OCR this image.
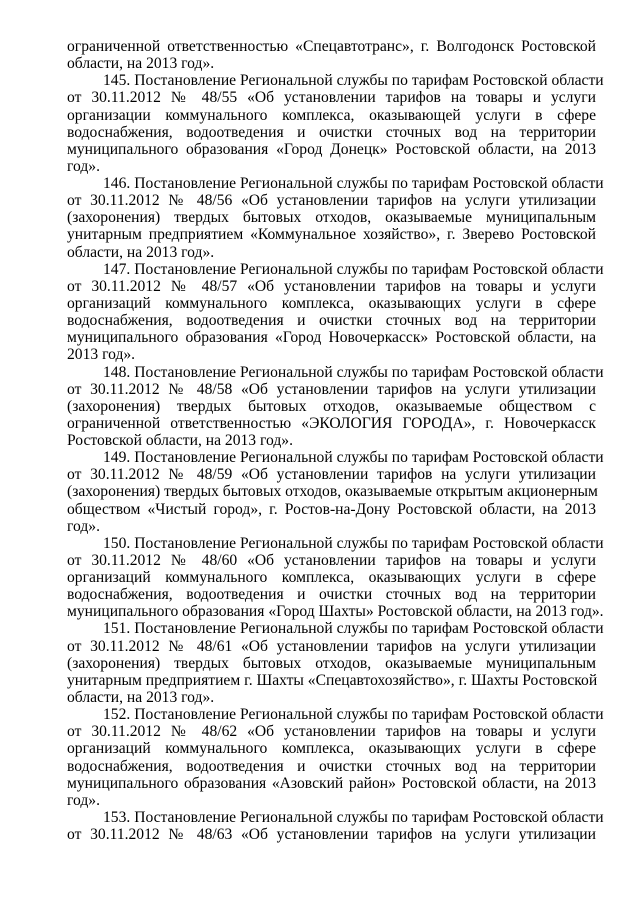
ограниченной ответственностью «Спецавтотранс», г. Волгодонск Ростовской
области, на 2013 год».
145. Постановление Региональной службы по тарифам Ростовской области
от 30.11.2012 № 48/55 «Об установлении тарифов на товары и услуги
организации коммунального комплекса, оказывающей услуги в сфере
водоснабжения, водоотведения и очистки сточных вод на территории
муниципального образования «Город Донецк» Ростовской области, на 2013
год».
146. Постановление Региональной службы по тарифам Ростовской области
от 30.11.2012 № 48/56 «Об установлении тарифов на услуги утилизации
(захоронения) твердых бытовых отходов, оказываемые муниципальным
унитарным предприятием «Коммунальное хозяйство», г. Зверево Ростовской
области, на 2013 год».
147. Постановление Региональной службы по тарифам Ростовской области
от 30.11.2012 № 48/57 «Об установлении тарифов на товары и услуги
организаций коммунального комплекса, оказывающих услуги в сфере
водоснабжения, водоотведения и очистки сточных вод на территории
муниципального образования «Город Новочеркасск» Ростовской области, на
2013 год».
148. Постановление Региональной службы по тарифам Ростовской области
от 30.11.2012 № 48/58 «Об установлении тарифов на услуги утилизации
(захоронения) твердых бытовых отходов, оказываемые обществом с
ограниченной ответственностью «ЭКОЛОГИЯ ГОРОДА», г. Новочеркасск
Ростовской области, на 2013 год».
149. Постановление Региональной службы по тарифам Ростовской области
от 30.11.2012 № 48/59 «Об установлении тарифов на услуги утилизации
(захоронения) твердых бытовых отходов, оказываемые открытым акционерным
обществом «Чистый город», г. Ростов-на-Дону Ростовской области, на 2013
год».
150. Постановление Региональной службы по тарифам Ростовской области
от 30.11.2012 № 48/60 «Об установлении тарифов на товары и услуги
организаций коммунального комплекса, оказывающих услуги в сфере
водоснабжения, водоотведения и очистки сточных вод на территории
муниципального образования «Город Шахты» Ростовской области, на 2013 год».
151. Постановление Региональной службы по тарифам Ростовской области
от 30.11.2012 № 48/61 «Об установлении тарифов на услуги утилизации
(захоронения) твердых бытовых отходов, оказываемые муниципальным
унитарным предприятием г. Шахты «Спецавтохозяйство», г. Шахты Ростовской
области, на 2013 год».
152. Постановление Региональной службы по тарифам Ростовской области
от 30.11.2012 № 48/62 «Об установлении тарифов на товары и услуги
организаций коммунального комплекса, оказывающих услуги в сфере
водоснабжения, водоотведения и очистки сточных вод на территории
муниципального образования «Азовский район» Ростовской области, на 2013
год».
153. Постановление Региональной службы по тарифам Ростовской области
от 30.11.2012 № 48/63 «Об установлении тарифов на услуги утилизации
